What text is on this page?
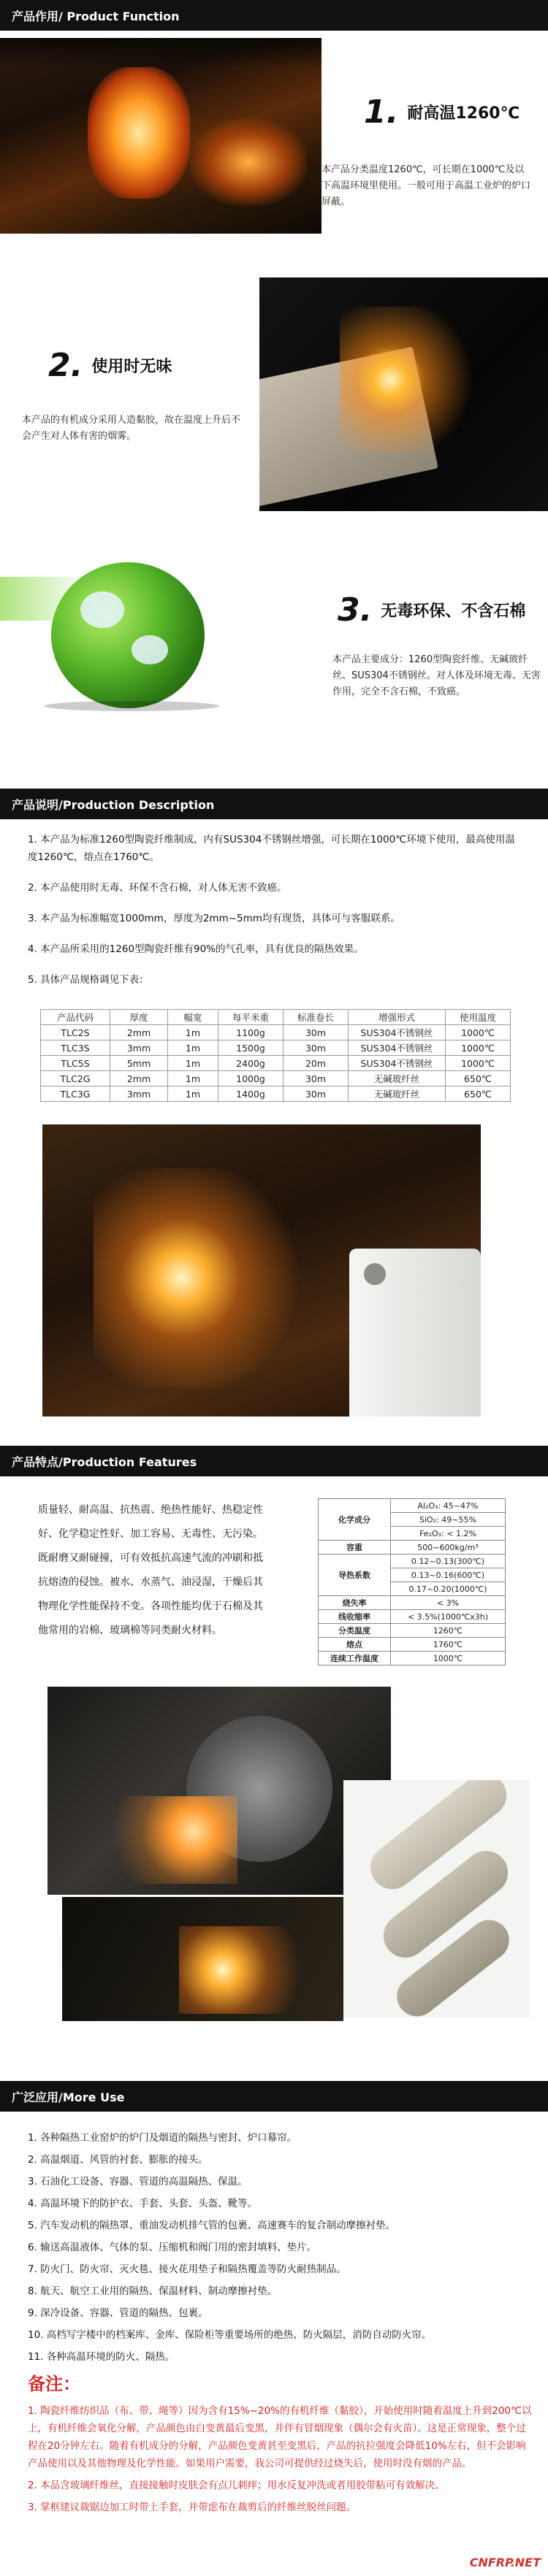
产品作用/ Product Function
1. 耐高温1260℃
本产品分类温度1260℃，可长期在1000℃及以下高温环境里使用。一般可用于高温工业炉的炉口屏蔽。
2. 使用时无味
本产品的有机成分采用人造黏胶，故在温度上升后不会产生对人体有害的烟雾。
3. 无毒环保、不含石棉
本产品主要成分：1260型陶瓷纤维、无碱玻纤丝、SUS304不锈钢丝。对人体及环境无毒、无害作用，完全不含石棉，不致癌。
产品说明/Production Description
1. 本产品为标准1260型陶瓷纤维制成，内有SUS304不锈钢丝增强，可长期在1000℃环境下使用，最高使用温度1260℃，熔点在1760℃。
2. 本产品使用时无毒、环保不含石棉，对人体无害不致癌。
3. 本产品为标准幅宽1000mm，厚度为2mm~5mm均有现货，具体可与客服联系。
4. 本产品所采用的1260型陶瓷纤维有90%的气孔率，具有优良的隔热效果。
5. 具体产品规格调见下表：
产品代码	厚度	幅宽	每平米重	标准卷长	增强形式	使用温度
TLC2S	2mm	1m	1100g	30m	SUS304不锈钢丝	1000℃
TLC3S	3mm	1m	1500g	30m	SUS304不锈钢丝	1000℃
TLC5S	5mm	1m	2400g	20m	SUS304不锈钢丝	1000℃
TLC2G	2mm	1m	1000g	30m	无碱玻纤丝	650℃
TLC3G	3mm	1m	1400g	30m	无碱玻纤丝	650℃
产品特点/Production Features
质量轻、耐高温、抗热震、绝热性能好、热稳定性好、化学稳定性好、加工容易、无毒性、无污染。既耐磨又耐碰撞，可有效抵抗高速气流的冲刷和抵抗熔渣的侵蚀。被水、水蒸气、油浸湿，干燥后其物理化学性能保持不变。各项性能均优于石棉及其他常用的岩棉、玻璃棉等同类耐火材料。
化学成分	Al₂O₃: 45~47%
	SiO₂: 49~55%
	Fe₂O₃: < 1.2%
容重	500~600kg/m³
导热系数	0.12~0.13(300℃)
	0.13~0.16(600℃)
	0.17~0.20(1000℃)
烧失率	< 3%
线收缩率	< 3.5%(1000℃x3h)
分类温度	1260℃
熔点	1760℃
连续工作温度	1000℃
广泛应用/More Use
1. 各种隔热工业窑炉的炉门及烟道的隔热与密封、炉口幕帘。
2. 高温烟道、风管的衬套、膨胀的接头。
3. 石油化工设备、容器、管道的高温隔热、保温。
4. 高温环境下的防护衣、手套、头套、头盔、靴等。
5. 汽车发动机的隔热罩、重油发动机排气管的包裹、高速赛车的复合制动摩擦衬垫。
6. 输送高温液体、气体的泵、压缩机和阀门用的密封填料、垫片。
7. 防火门、防火帘、灭火毯、接火花用垫子和隔热覆盖等防火耐热制品。
8. 航天、航空工业用的隔热、保温材料、制动摩擦衬垫。
9. 深冷设备、容器、管道的隔热、包裹。
10. 高档写字楼中的档案库、金库、保险柜等重要场所的绝热、防火隔层，消防自动防火帘。
11. 各种高温环境的防火、隔热。
备注：
1. 陶瓷纤维纺织品（布、带、绳等）因为含有15%~20%的有机纤维（黏胶），开始使用时随着温度上升到200℃以上，有机纤维会氧化分解，产品颜色由白变黄最后变黑，并伴有冒烟现象（偶尔会有火苗）。这是正常现象，整个过程在20分钟左右。随着有机成分的分解，产品颜色变黄甚至变黑后，产品的抗拉强度会降低10%左右，但不会影响产品使用以及其他物理及化学性能。如果用户需要，我公司可提供经过烧失后，使用时没有烟的产品。
2. 本品含玻璃纤维丝，直接接触时皮肤会有点儿刺痒；用水反复冲洗或者用胶带粘可有效解决。
3. 掌框建议裁锯边加工时带上手套，并带虑布在裁剪后的纤维丝脱丝问题。
CNFRP.NET
